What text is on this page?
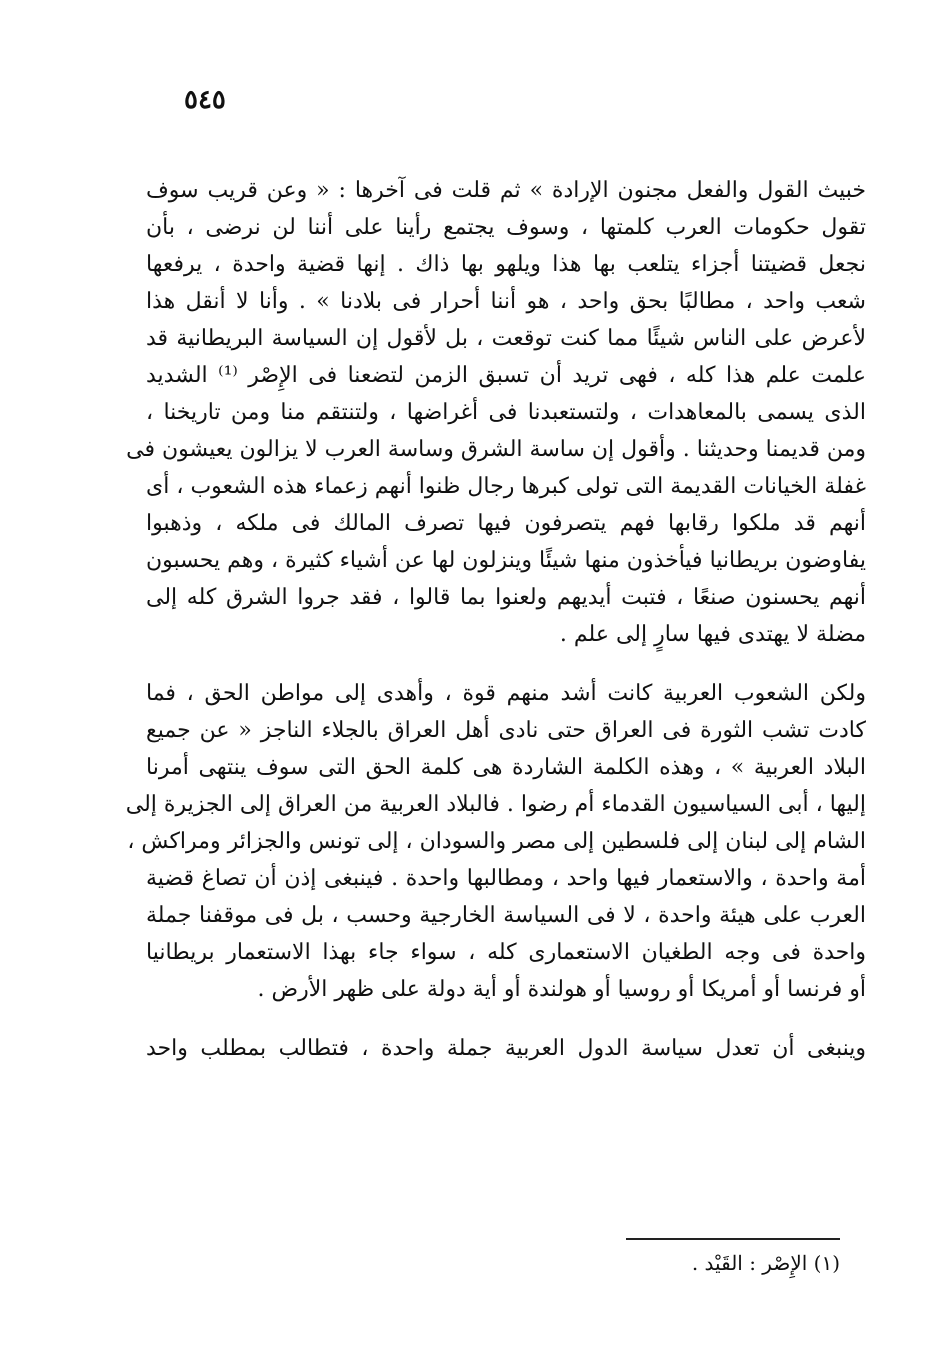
٥٤٥
خبيث القول والفعل مجنون الإرادة » ثم قلت فى آخرها : « وعن قريب سوف
تقول حكومات العرب كلمتها ، وسوف يجتمع رأينا على أننا لن نرضى ، بأن
نجعل قضيتنا أجزاء يتلعب بها هذا ويلهو بها ذاك . إنها قضية واحدة ، يرفعها
شعب واحد ، مطالبًا بحق واحد ، هو أننا أحرار فى بلادنا » . وأنا لا أنقل هذا
لأعرض على الناس شيئًا مما كنت توقعت ، بل لأقول إن السياسة البريطانية قد
علمت علم هذا كله ، فهى تريد أن تسبق الزمن لتضعنا فى الإِصْر ⁽¹⁾ الشديد
الذى يسمى بالمعاهدات ، ولتستعبدنا فى أغراضها ، ولتنتقم منا ومن تاريخنا ،
ومن قديمنا وحديثنا . وأقول إن ساسة الشرق وساسة العرب لا يزالون يعيشون فى
غفلة الخيانات القديمة التى تولى كبرها رجال ظنوا أنهم زعماء هذه الشعوب ، أى
أنهم قد ملكوا رقابها فهم يتصرفون فيها تصرف المالك فى ملكه ، وذهبوا
يفاوضون بريطانيا فيأخذون منها شيئًا وينزلون لها عن أشياء كثيرة ، وهم يحسبون
أنهم يحسنون صنعًا ، فتبت أيديهم ولعنوا بما قالوا ، فقد جروا الشرق كله إلى
مضلة لا يهتدى فيها سارٍ إلى علم .
ولكن الشعوب العربية كانت أشد منهم قوة ، وأهدى إلى مواطن الحق ، فما
كادت تشب الثورة فى العراق حتى نادى أهل العراق بالجلاء الناجز « عن جميع
البلاد العربية » ، وهذه الكلمة الشاردة هى كلمة الحق التى سوف ينتهى أمرنا
إليها ، أبى السياسيون القدماء أم رضوا . فالبلاد العربية من العراق إلى الجزيرة إلى
الشام إلى لبنان إلى فلسطين إلى مصر والسودان ، إلى تونس والجزائر ومراكش ،
أمة واحدة ، والاستعمار فيها واحد ، ومطالبها واحدة . فينبغى إذن أن تصاغ قضية
العرب على هيئة واحدة ، لا فى السياسة الخارجية وحسب ، بل فى موقفنا جملة
واحدة فى وجه الطغيان الاستعمارى كله ، سواء جاء بهذا الاستعمار بريطانيا
أو فرنسا أو أمريكا أو روسيا أو هولندة أو أية دولة على ظهر الأرض .
وينبغى أن تعدل سياسة الدول العربية جملة واحدة ، فتطالب بمطلب واحد
(١) الإِصْر : القَيْد .
